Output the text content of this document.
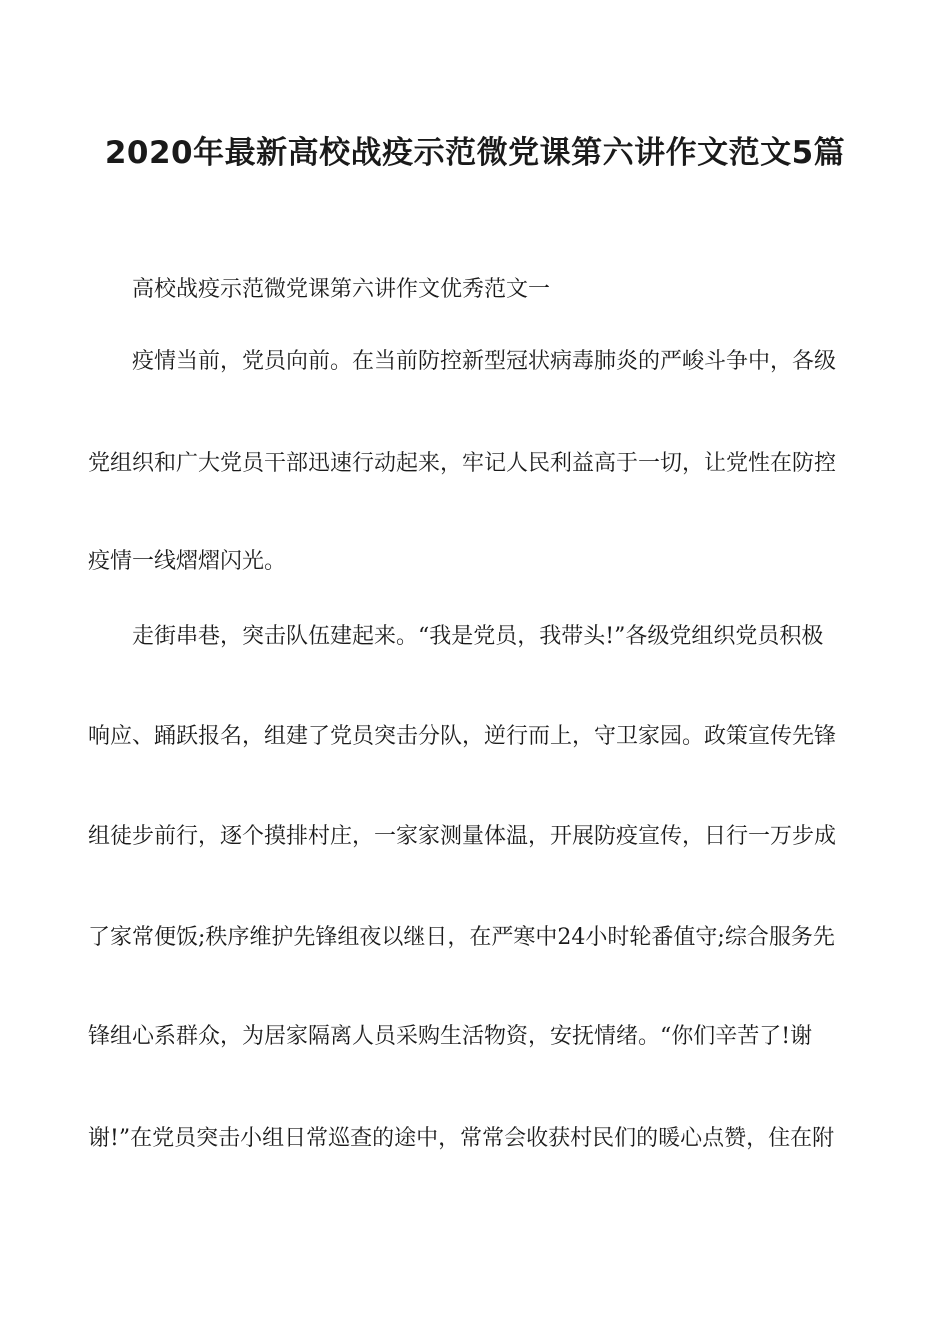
2020年最新高校战疫示范微党课第六讲作文范文5篇
高校战疫示范微党课第六讲作文优秀范文一
疫情当前，党员向前。在当前防控新型冠状病毒肺炎的严峻斗争中，各级
党组织和广大党员干部迅速行动起来，牢记人民利益高于一切，让党性在防控
疫情一线熠熠闪光。
走街串巷，突击队伍建起来。“我是党员，我带头!”各级党组织党员积极
响应、踊跃报名，组建了党员突击分队，逆行而上，守卫家园。政策宣传先锋
组徒步前行，逐个摸排村庄，一家家测量体温，开展防疫宣传，日行一万步成
了家常便饭;秩序维护先锋组夜以继日，在严寒中24小时轮番值守;综合服务先
锋组心系群众，为居家隔离人员采购生活物资，安抚情绪。“你们辛苦了!谢
谢!”在党员突击小组日常巡查的途中，常常会收获村民们的暖心点赞，住在附
